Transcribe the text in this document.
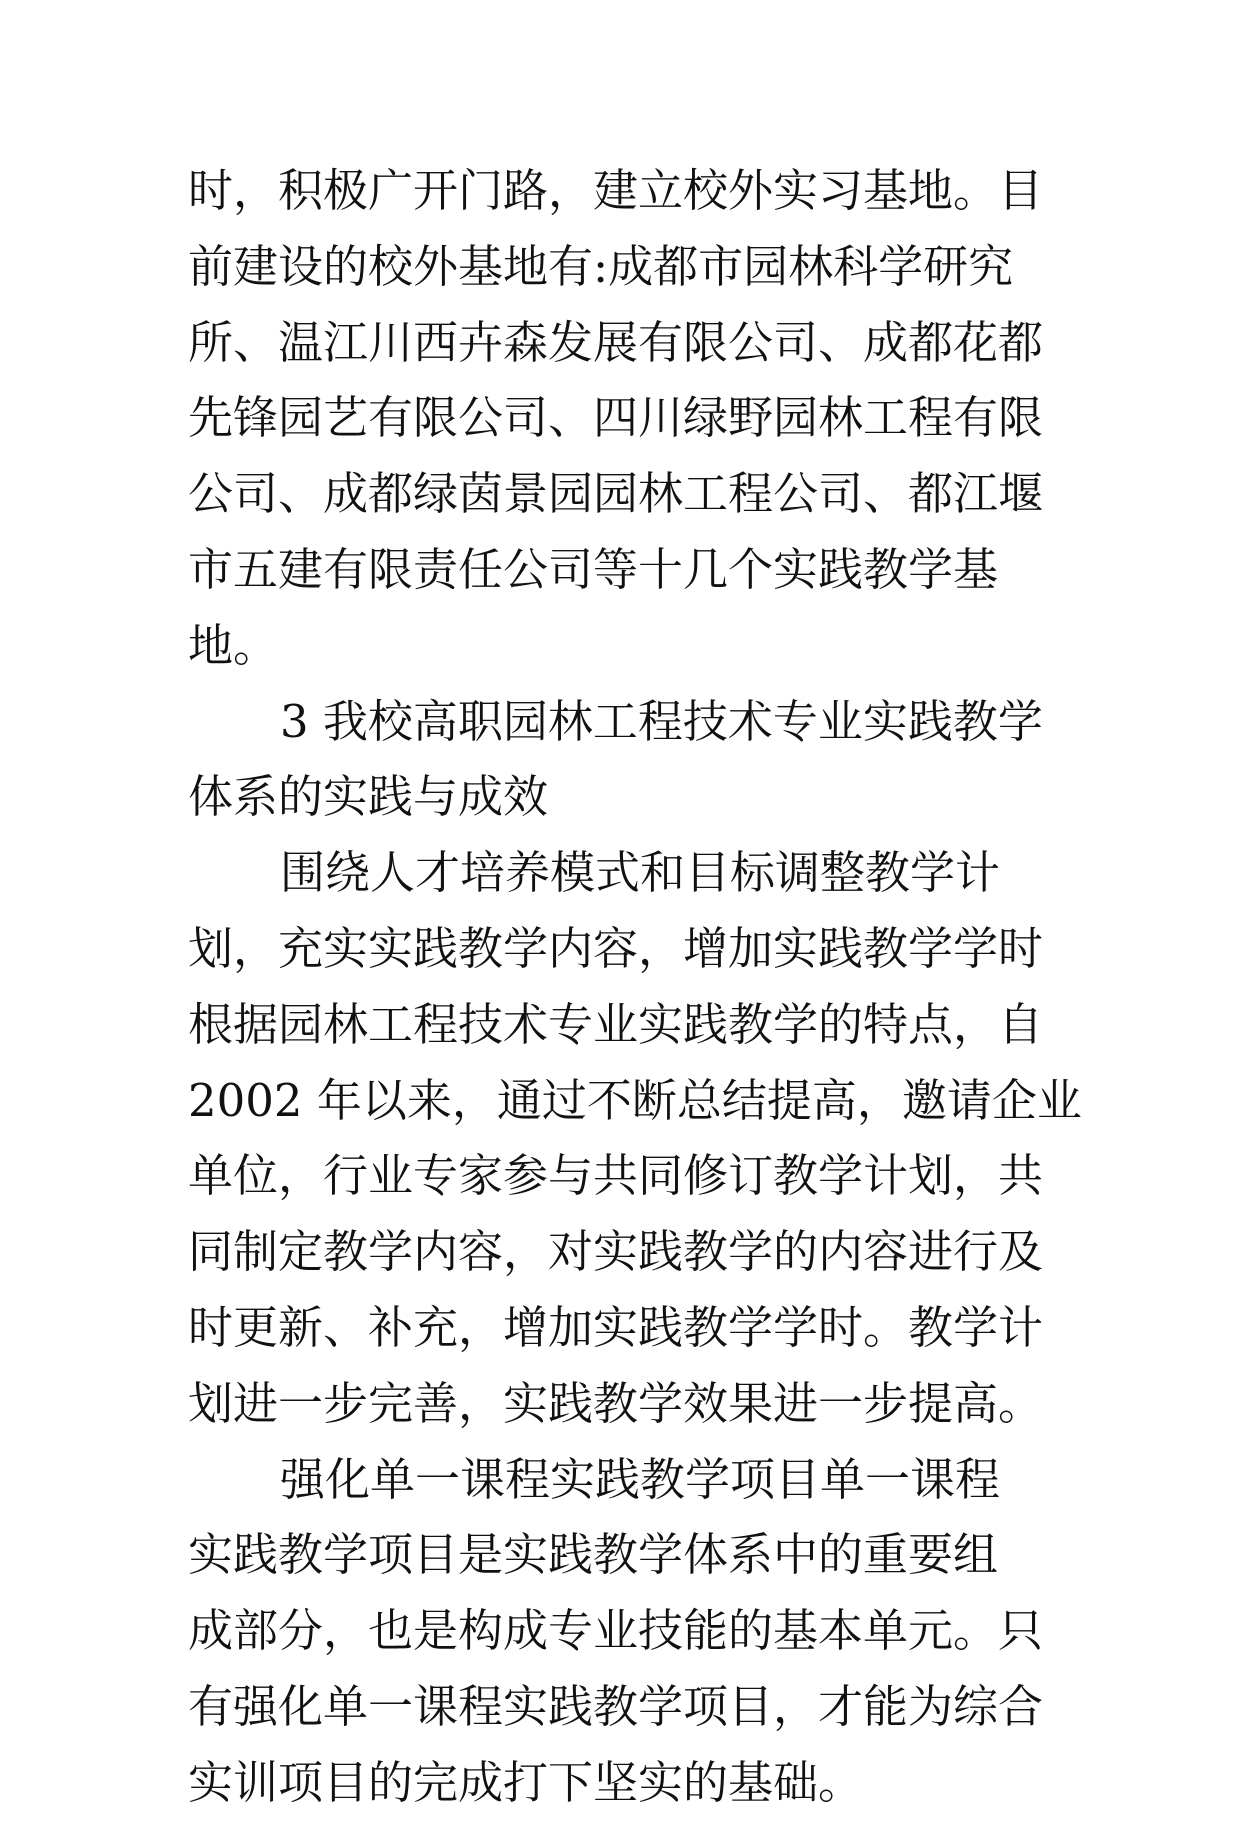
时，积极广开门路，建立校外实习基地。目
前建设的校外基地有:成都市园林科学研究
所、温江川西卉森发展有限公司、成都花都
先锋园艺有限公司、四川绿野园林工程有限
公司、成都绿茵景园园林工程公司、都江堰
市五建有限责任公司等十几个实践教学基
地。
3 我校高职园林工程技术专业实践教学
体系的实践与成效
围绕人才培养模式和目标调整教学计
划，充实实践教学内容，增加实践教学学时
根据园林工程技术专业实践教学的特点，自
2002 年以来，通过不断总结提高，邀请企业
单位，行业专家参与共同修订教学计划，共
同制定教学内容，对实践教学的内容进行及
时更新、补充，增加实践教学学时。教学计
划进一步完善，实践教学效果进一步提高。
强化单一课程实践教学项目单一课程
实践教学项目是实践教学体系中的重要组
成部分，也是构成专业技能的基本单元。只
有强化单一课程实践教学项目，才能为综合
实训项目的完成打下坚实的基础。
